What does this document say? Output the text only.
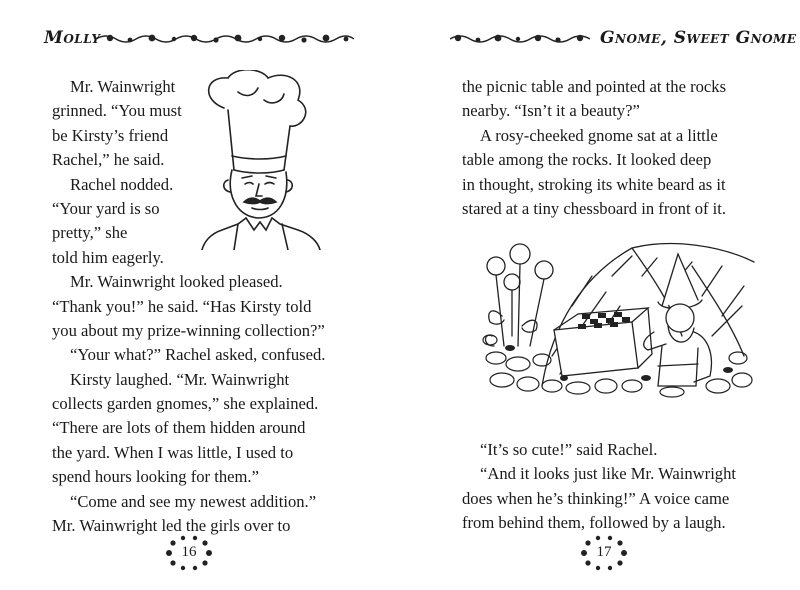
Molly
Mr. Wainwright
grinned. “You must
be Kirsty’s friend
Rachel,” he said.
Rachel nodded.
“Your yard is so
pretty,” she
told him eagerly.
Mr. Wainwright looked pleased.
“Thank you!” he said. “Has Kirsty told
you about my prize-winning collection?”
“Your what?” Rachel asked, confused.
Kirsty laughed. “Mr. Wainwright
collects garden gnomes,” she explained.
“There are lots of them hidden around
the yard. When I was little, I used to
spend hours looking for them.”
“Come and see my newest addition.”
Mr. Wainwright led the girls over to
16
Gnome, Sweet Gnome
the picnic table and pointed at the rocks
nearby. “Isn’t it a beauty?”
A rosy-cheeked gnome sat at a little
table among the rocks. It looked deep
in thought, stroking its white beard as it
stared at a tiny chessboard in front of it.
“It’s so cute!” said Rachel.
“And it looks just like Mr. Wainwright
does when he’s thinking!” A voice came
from behind them, followed by a laugh.
17
